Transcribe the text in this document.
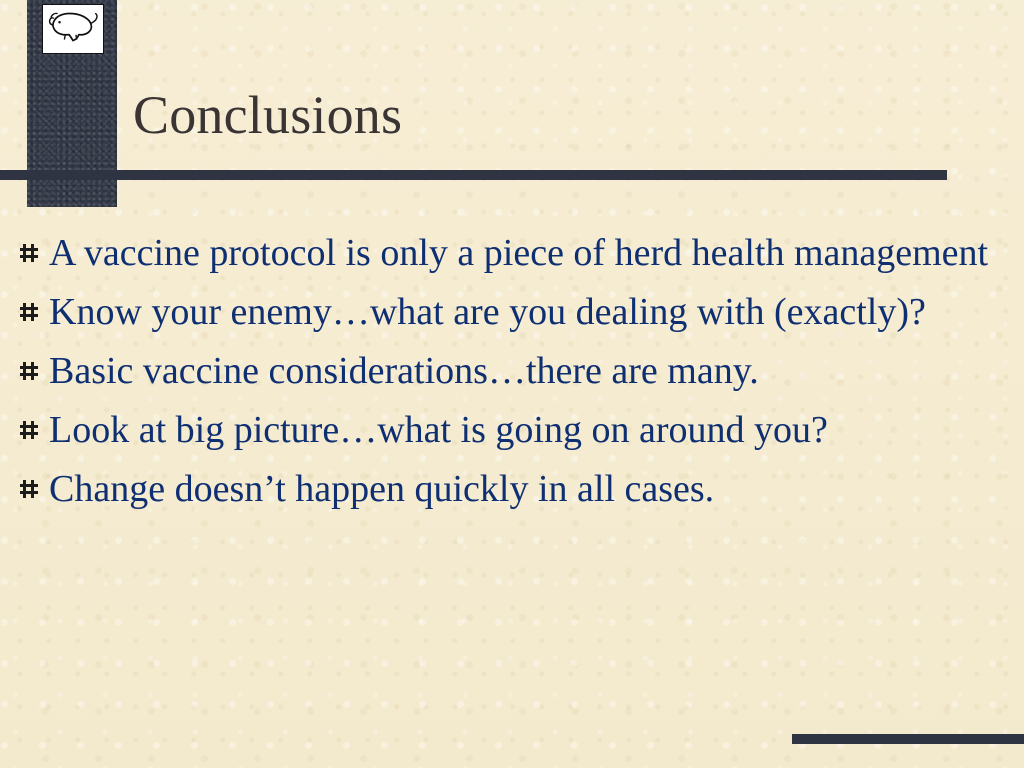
Conclusions
A vaccine protocol is only a piece of herd health management
Know your enemy…what are you dealing with (exactly)?
Basic vaccine considerations…there are many.
Look at big picture…what is going on around you?
Change doesn’t happen quickly in all cases.
